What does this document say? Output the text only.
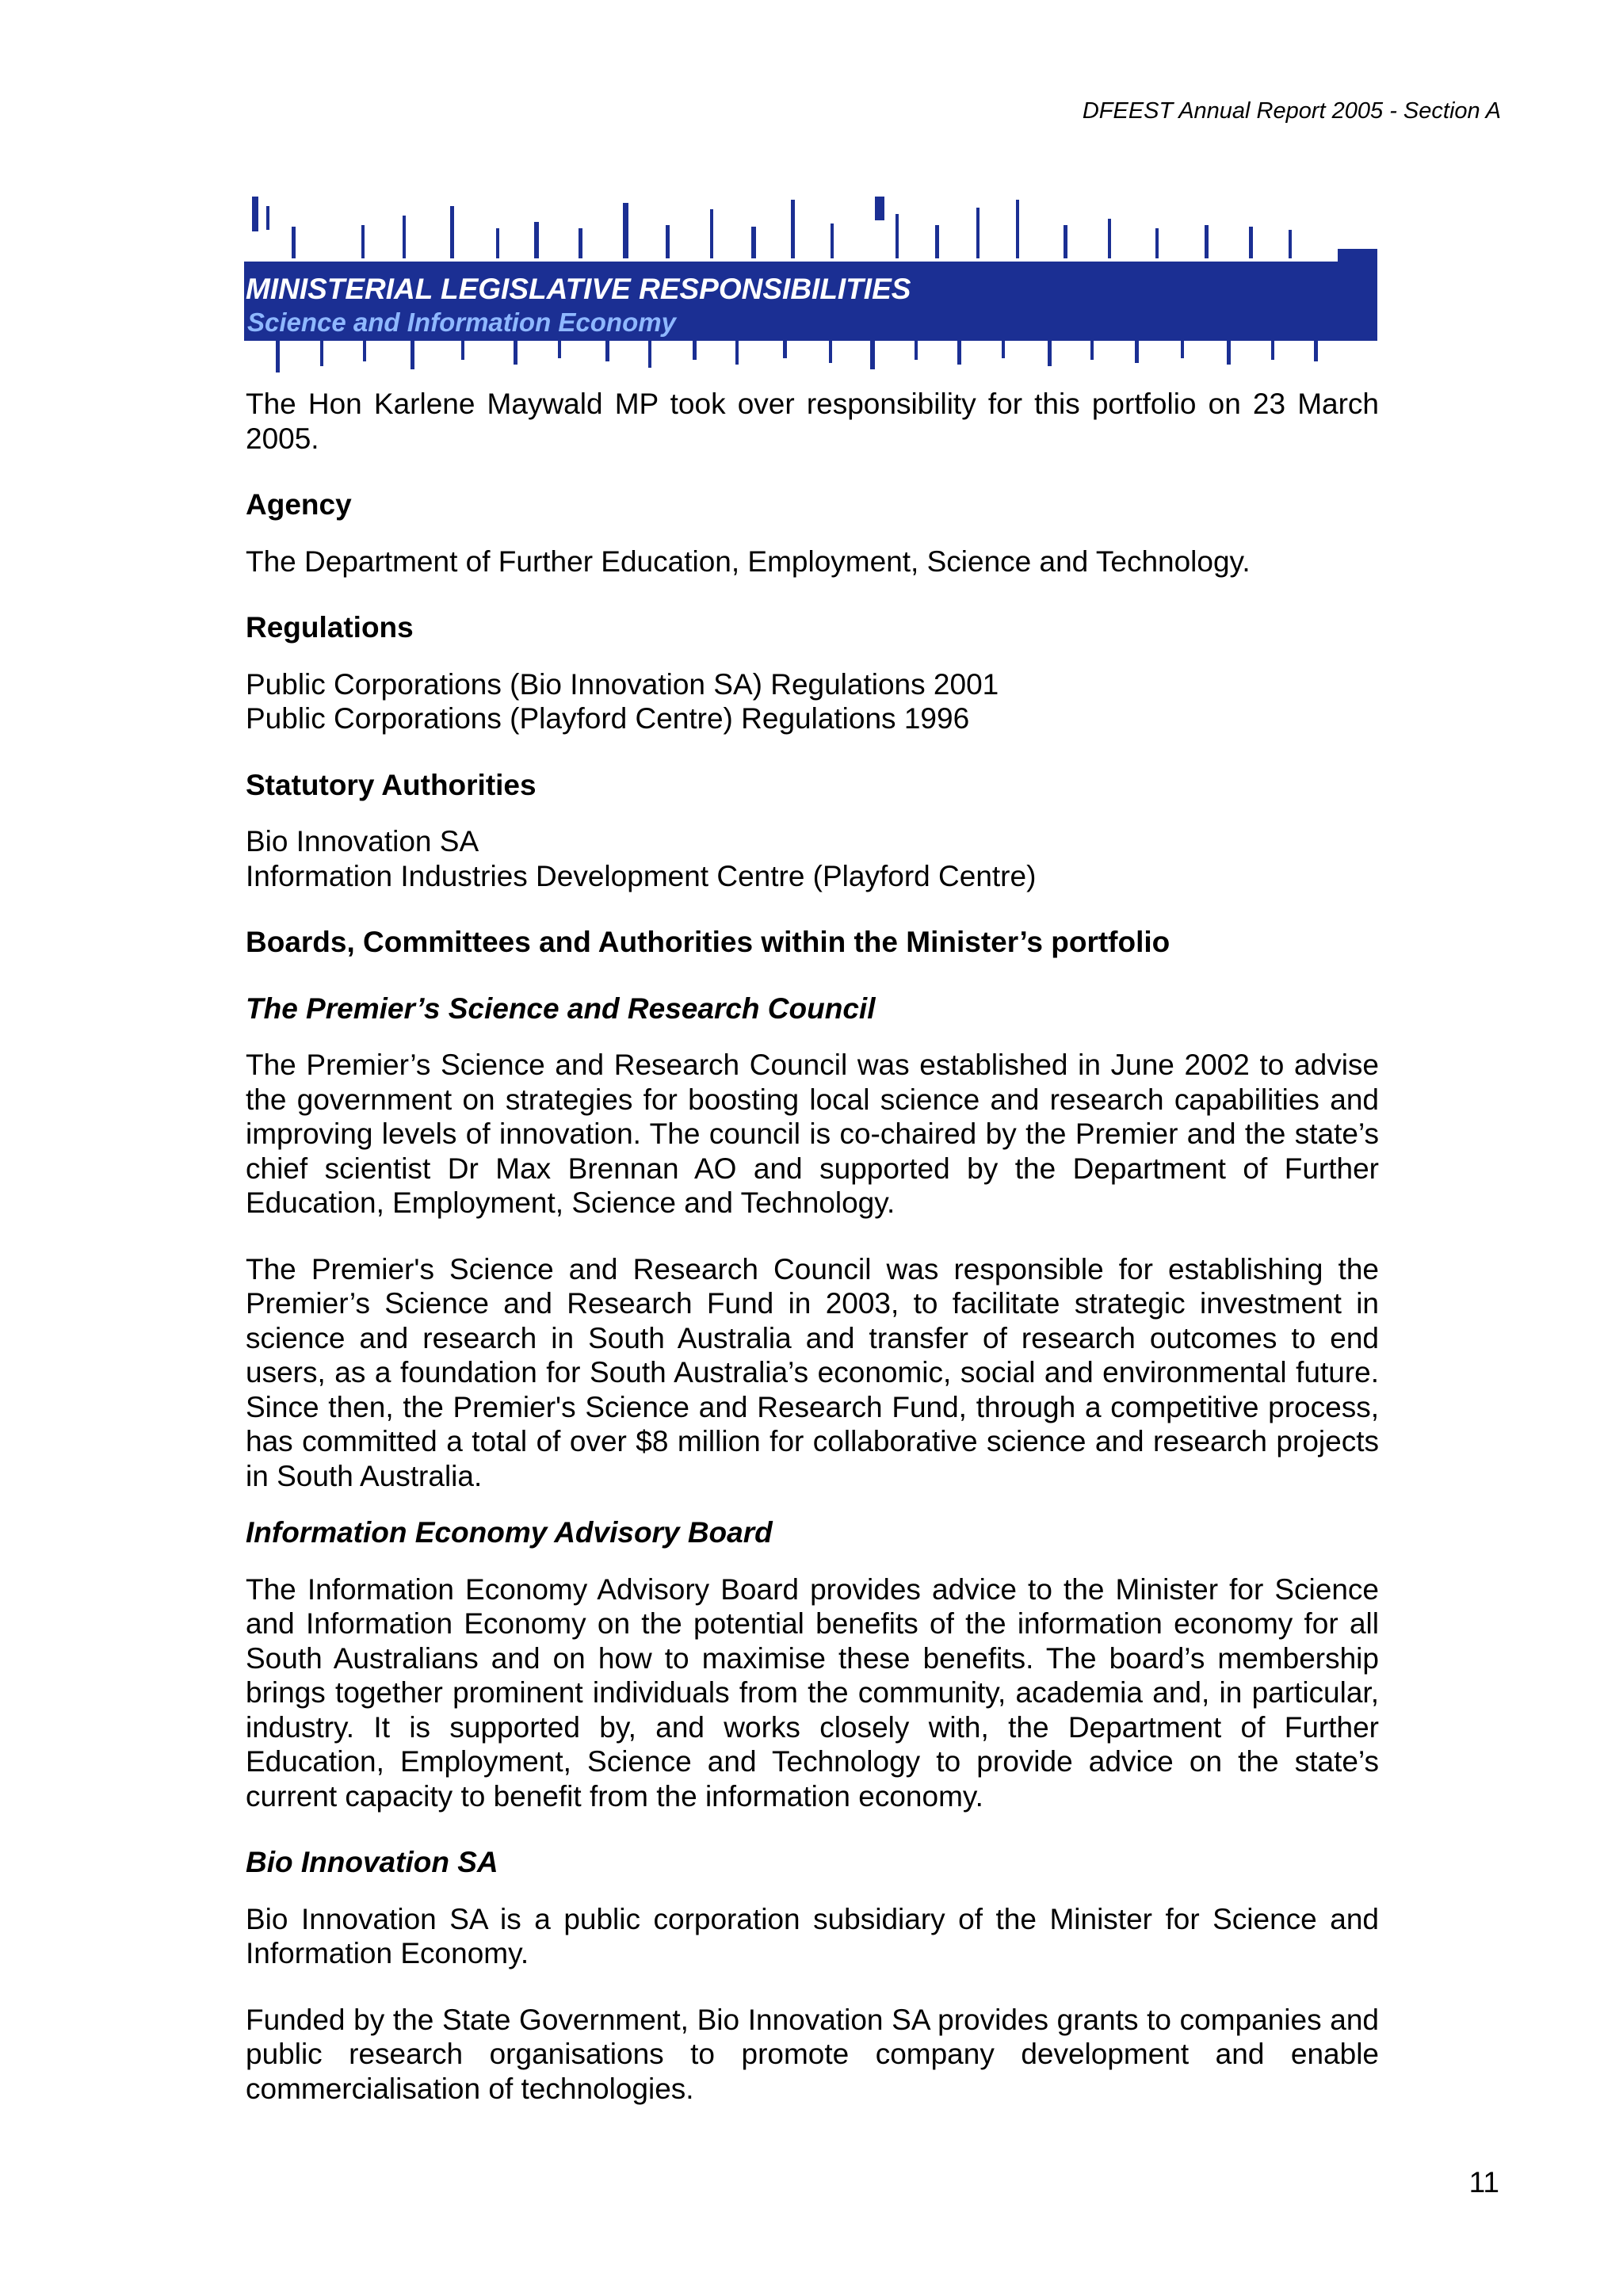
DFEEST Annual Report 2005 - Section A
MINISTERIAL LEGISLATIVE RESPONSIBILITIES
Science and Information Economy

The Hon Karlene Maywald MP took over responsibility for this portfolio on 23 March 2005.

Agency

The Department of Further Education, Employment, Science and Technology.

Regulations

Public Corporations (Bio Innovation SA) Regulations 2001
Public Corporations (Playford Centre) Regulations 1996

Statutory Authorities

Bio Innovation SA
Information Industries Development Centre (Playford Centre)

Boards, Committees and Authorities within the Minister’s portfolio
The Premier’s Science and Research Council

The Premier’s Science and Research Council was established in June 2002 to advise the government on strategies for boosting local science and research capabilities and improving levels of innovation. The council is co-chaired by the Premier and the state’s chief scientist Dr Max Brennan AO and supported by the Department of Further Education, Employment, Science and Technology.

The Premier's Science and Research Council was responsible for establishing the Premier’s Science and Research Fund in 2003, to facilitate strategic investment in science and research in South Australia and transfer of research outcomes to end users, as a foundation for South Australia’s economic, social and environmental future. Since then, the Premier's Science and Research Fund, through a competitive process, has committed a total of over $8 million for collaborative science and research projects in South Australia.

Information Economy Advisory Board

The Information Economy Advisory Board provides advice to the Minister for Science and Information Economy on the potential benefits of the information economy for all South Australians and on how to maximise these benefits. The board’s membership brings together prominent individuals from the community, academia and, in particular, industry. It is supported by, and works closely with, the Department of Further Education, Employment, Science and Technology to provide advice on the state’s current capacity to benefit from the information economy.

Bio Innovation SA

Bio Innovation SA is a public corporation subsidiary of the Minister for Science and Information Economy.

Funded by the State Government, Bio Innovation SA provides grants to companies and public research organisations to promote company development and enable commercialisation of technologies.

11
